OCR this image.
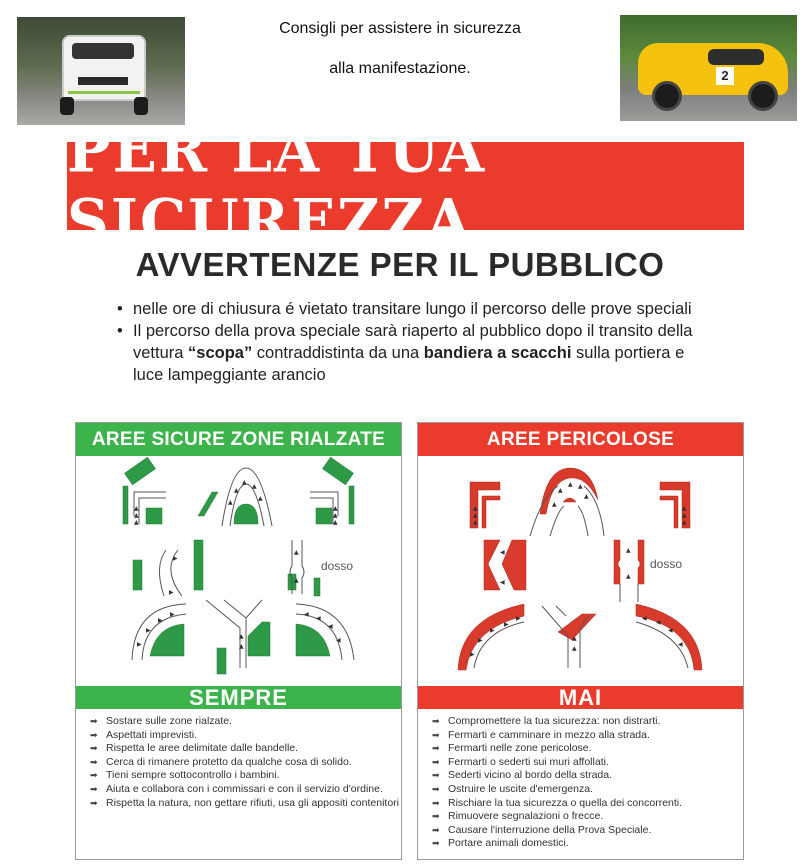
Consigli per assistere in sicurezza
alla manifestazione.	2
PER LA TUA SICUREZZA
AVVERTENZE PER IL PUBBLICO
• nelle ore di chiusura é vietato transitare lungo il percorso delle prove speciali
• Il percorso della prova speciale sarà riaperto al pubblico dopo il transito della vettura “scopa” contraddistinta da una bandiera a scacchi sulla portiera e luce lampeggiante arancio
AREE SICURE ZONE RIALZATE
▲
▲
▲
▲
▲
▲
▲
▲
▲
▲
▲
▶
▶
▲
▲
▶
▶
▶
▶
▲
▲
◀
◀
◀
◀
dosso
SEMPRE
➡ Sostare sulle zone rialzate.
➡ Aspettati imprevisti.
➡ Rispetta le aree delimitate dalle bandelle.
➡ Cerca di rimanere protetto da qualche cosa di solido.
➡ Tieni sempre sottocontrollo i bambini.
➡ Aiuta e collabora con i commissari e con il servizio d'ordine.
➡ Rispetta la natura, non gettare rifiuti, usa gli appositi contenitori
AREE PERICOLOSE
▲
▲
▲
▲
▲
▲ ▲
▲
▲
▲
▲
◀
◀
▲
▲
▶
▶
▶
▶
▶
▲
▲
◀
◀
◀
◀
dosso
MAI
➡ Compromettere la tua sicurezza: non distrarti.
➡ Fermarti e camminare in mezzo alla strada.
➡ Fermarti nelle zone pericolose.
➡ Fermarti o sederti sui muri affollati.
➡ Sederti vicino al bordo della strada.
➡ Ostruire le uscite d'emergenza.
➡ Rischiare la tua sicurezza o quella dei concorrenti.
➡ Rimuovere segnalazioni o frecce.
➡ Causare l'interruzione della Prova Speciale.
➡ Portare animali domestici.
